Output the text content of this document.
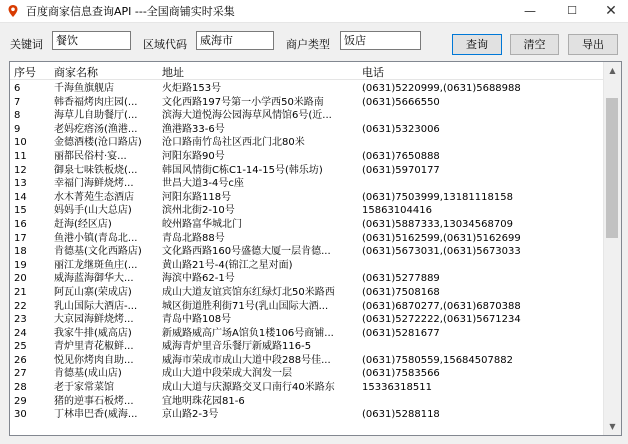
百度商家信息查询API ---全国商铺实时采集	—	☐	✕
关键词	餐饮	区域代码	威海市	商户类型	饭店	查询	清空	导出
序号 商家名称	地址	电话
6	千海鱼旗舰店	火炬路153号	(0631)5220999,(0631)5688988
7	韩香福烤肉庄园(...	文化西路197号第一小学西50米路南	(0631)5666550
8	海草儿自助餐厅(...	滨海大道悦海公园海草风情馆6号(近...
9	老妈疙瘩汤(渔港...	渔港路33-6号	(0631)5323006
10	金德酒楼(沧口路店)	沧口路南竹岛社区西北门北80米
11	丽都民俗村·宴...	河阳东路90号	(0631)7650888
12	御泉七味铁板烧(...	韩国风情街C栋C1-14-15号(韩乐坊)	(0631)5970177
13	幸福门海鲜烧烤...	世昌大道3-4号c座
14	水木菁苑生态酒店	河阳东路118号	(0631)7503999,13181118158
15	妈妈手(山大总店)	滨州北街2-10号	15863104416
16	赶海(经区店)	皎州路富华城北门	(0631)5887333,13034568709
17	鱼港小镇(青岛北...	青岛北路88号	(0631)5162599,(0631)5162699
18	肯德基(文化西路店)	文化路西路160号盛德大厦一层肯德...	(0631)5673031,(0631)5673033
19	丽江龙继斑鱼庄(...	黄山路21号-4(锦江之星对面)
20	威海蓝海御华大...	海滨中路62-1号	(0631)5277889
21	阿瓦山寨(荣成店)	成山大道友谊宾馆东红绿灯北50米路西	(0631)7508168
22	乳山国际大酒店-...	城区街道胜利街71号(乳山国际大酒...	(0631)6870277,(0631)6870388
23	大京园海鲜烧烤...	青岛中路108号	(0631)5272222,(0631)5671234
24	我家牛排(威高店)	新威路威高广场A馆负1楼106号商铺...	(0631)5281677
25	青炉里青花椒鲜...	威海青炉里音乐餐厅新威路116-5
26	悦见你烤肉自助...	威海市荣成市成山大道中段288号佳...	(0631)7580559,15684507882
27	肯德基(成山店)	成山大道中段荣成大润发一层	(0631)7583566
28	老于家常菜馆	成山大道与庆源路交叉口南行40米路东	15336318511
29	猪的逆事石板烤...	宜地明珠花园81-6
30	丁林串巴香(威海...	京山路2-3号	(0631)5288118
▲
▼
